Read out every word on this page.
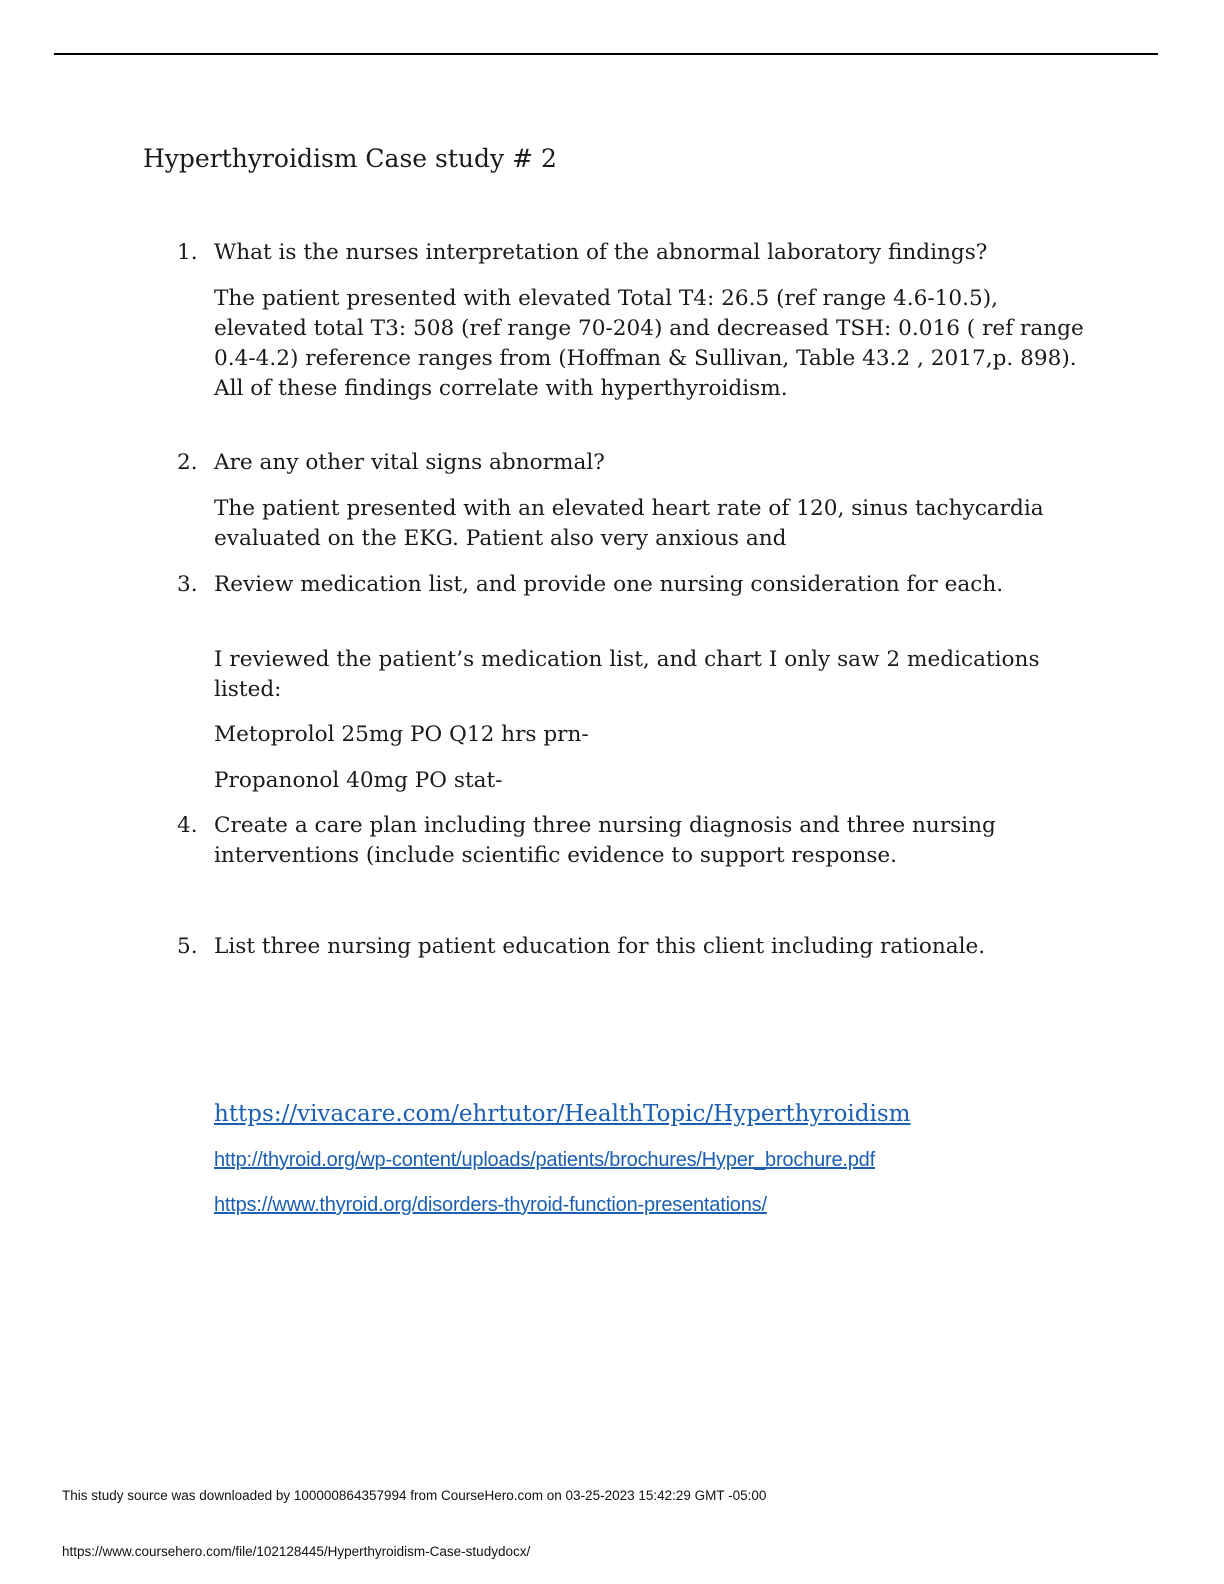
Hyperthyroidism Case study # 2
1. What is the nurses interpretation of the abnormal laboratory findings?
The patient presented with elevated Total T4: 26.5 (ref range 4.6-10.5), elevated total T3: 508 (ref range 70-204) and decreased TSH: 0.016 ( ref range 0.4-4.2) reference ranges from (Hoffman & Sullivan, Table 43.2 , 2017,p. 898). All of these findings correlate with hyperthyroidism.
2. Are any other vital signs abnormal?
The patient presented with an elevated heart rate of 120, sinus tachycardia evaluated on the EKG. Patient also very anxious and
3. Review medication list, and provide one nursing consideration for each.
I reviewed the patient’s medication list, and chart I only saw 2 medications listed:
Metoprolol 25mg PO Q12 hrs prn-
Propanonol 40mg PO stat-
4. Create a care plan including three nursing diagnosis and three nursing interventions (include scientific evidence to support response.
5. List three nursing patient education for this client including rationale.
https://vivacare.com/ehrtutor/HealthTopic/Hyperthyroidism
http://thyroid.org/wp-content/uploads/patients/brochures/Hyper_brochure.pdf
https://www.thyroid.org/disorders-thyroid-function-presentations/
This study source was downloaded by 100000864357994 from CourseHero.com on 03-25-2023 15:42:29 GMT -05:00
https://www.coursehero.com/file/102128445/Hyperthyroidism-Case-studydocx/
